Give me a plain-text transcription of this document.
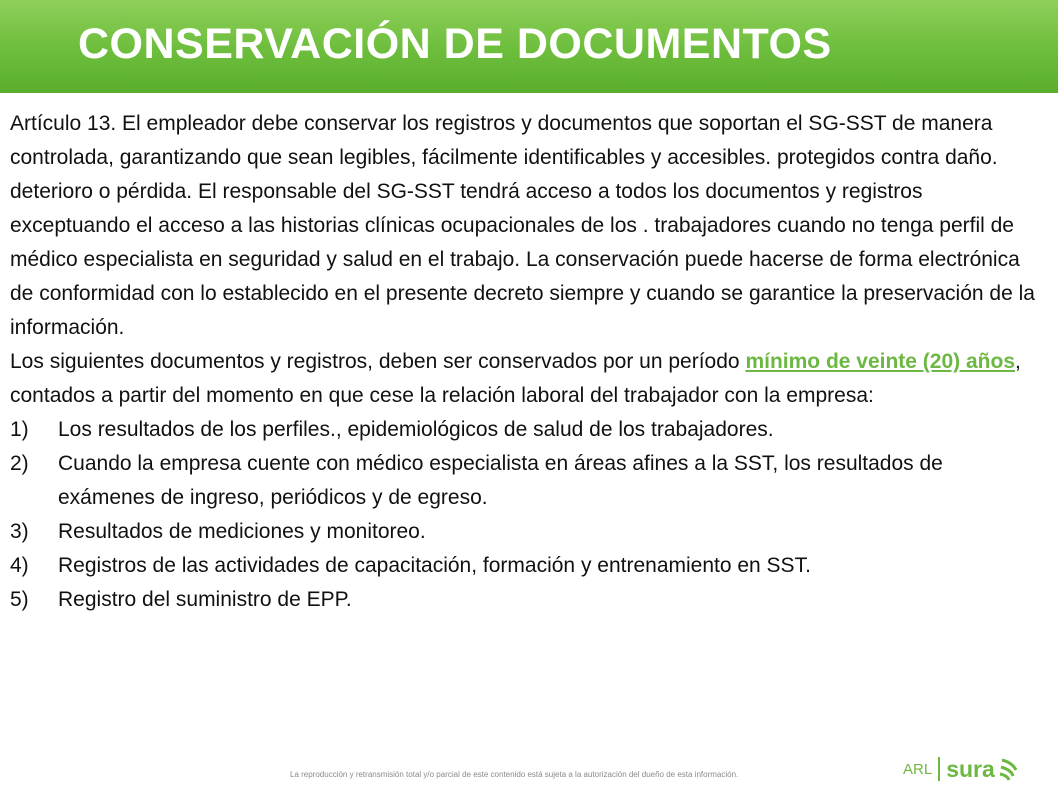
CONSERVACIÓN DE DOCUMENTOS

Artículo 13. El empleador debe conservar los registros y documentos que soportan el SG-SST de manera controlada, garantizando que sean legibles, fácilmente identificables y accesibles. protegidos contra daño. deterioro o pérdida. El responsable del SG-SST tendrá acceso a todos los documentos y registros exceptuando el acceso a las historias clínicas ocupacionales de los . trabajadores cuando no tenga perfil de médico especialista en seguridad y salud en el trabajo. La conservación puede hacerse de forma electrónica de conformidad con lo establecido en el presente decreto siempre y cuando se garantice la preservación de la información.

Los siguientes documentos y registros, deben ser conservados por un período mínimo de veinte (20) años, contados a partir del momento en que cese la relación laboral del trabajador con la empresa:

1)	Los resultados de los perfiles., epidemiológicos de salud de los trabajadores.
2)	Cuando la empresa cuente con médico especialista en áreas afines a la SST, los resultados de exámenes de ingreso, periódicos y de egreso.
3)	Resultados de mediciones y monitoreo.
4)	Registros de las actividades de capacitación, formación y entrenamiento en SST.
5)	Registro del suministro de EPP.
La reproducción y retransmisión total y/o parcial de este contenido está sujeta a la autorización del dueño de esta información.	ARL sura
